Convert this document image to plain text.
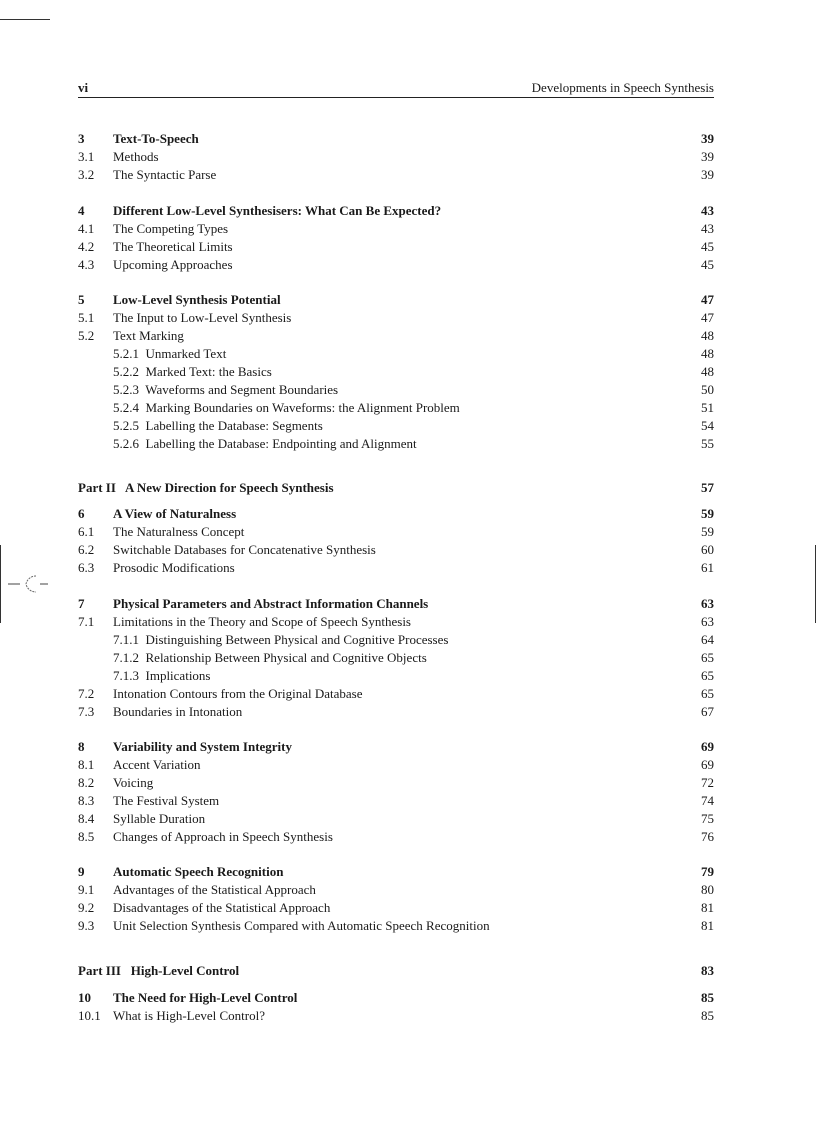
vi	Developments in Speech Synthesis
3 Text-To-Speech	39
3.1 Methods	39
3.2 The Syntactic Parse	39
4 Different Low-Level Synthesisers: What Can Be Expected?	43
4.1 The Competing Types	43
4.2 The Theoretical Limits	45
4.3 Upcoming Approaches	45
5 Low-Level Synthesis Potential	47
5.1 The Input to Low-Level Synthesis	47
5.2 Text Marking	48
5.2.1  Unmarked Text	48
5.2.2  Marked Text: the Basics	48
5.2.3  Waveforms and Segment Boundaries	50
5.2.4  Marking Boundaries on Waveforms: the Alignment Problem	51
5.2.5  Labelling the Database: Segments	54
5.2.6  Labelling the Database: Endpointing and Alignment	55
Part II   A New Direction for Speech Synthesis	57
6 A View of Naturalness	59
6.1 The Naturalness Concept	59
6.2 Switchable Databases for Concatenative Synthesis	60
6.3 Prosodic Modifications	61
7 Physical Parameters and Abstract Information Channels	63
7.1 Limitations in the Theory and Scope of Speech Synthesis	63
7.1.1  Distinguishing Between Physical and Cognitive Processes	64
7.1.2  Relationship Between Physical and Cognitive Objects	65
7.1.3  Implications	65
7.2 Intonation Contours from the Original Database	65
7.3 Boundaries in Intonation	67
8 Variability and System Integrity	69
8.1 Accent Variation	69
8.2 Voicing	72
8.3 The Festival System	74
8.4 Syllable Duration	75
8.5 Changes of Approach in Speech Synthesis	76
9 Automatic Speech Recognition	79
9.1 Advantages of the Statistical Approach	80
9.2 Disadvantages of the Statistical Approach	81
9.3 Unit Selection Synthesis Compared with Automatic Speech Recognition	81
Part III   High-Level Control	83
10 The Need for High-Level Control	85
10.1 What is High-Level Control?	85
